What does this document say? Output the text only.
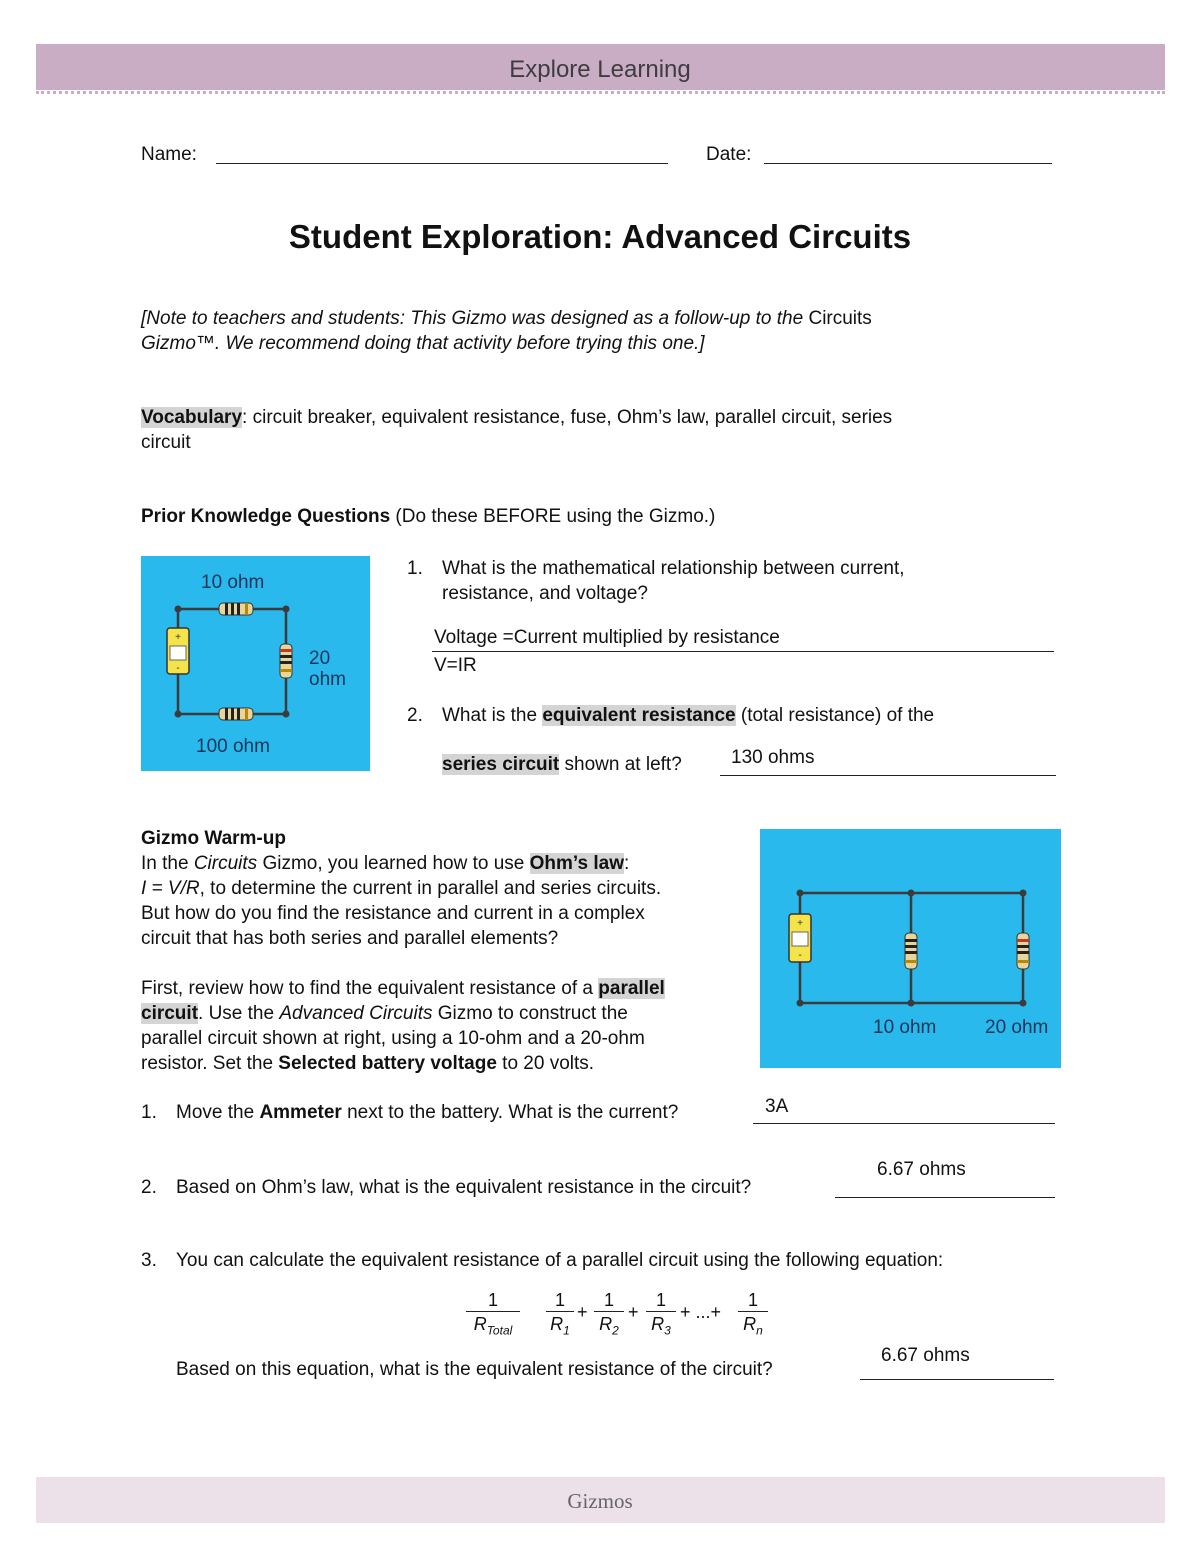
Explore Learning
Name:	Date:
Student Exploration: Advanced Circuits
[Note to teachers and students: This Gizmo was designed as a follow-up to the Circuits
Gizmo™. We recommend doing that activity before trying this one.]
Vocabulary: circuit breaker, equivalent resistance, fuse, Ohm’s law, parallel circuit, series
circuit
Prior Knowledge Questions (Do these BEFORE using the Gizmo.)
+
-
10 ohm
20
ohm
100 ohm
1. What is the mathematical relationship between current,
resistance, and voltage?
Voltage =Current multiplied by resistance
V=IR
2. What is the equivalent resistance (total resistance) of the
series circuit shown at left?	130 ohms
Gizmo Warm-up
In the Circuits Gizmo, you learned how to use Ohm’s law:
I = V/R, to determine the current in parallel and series circuits.
But how do you find the resistance and current in a complex
circuit that has both series and parallel elements?
First, review how to find the equivalent resistance of a parallel
circuit. Use the Advanced Circuits Gizmo to construct the
parallel circuit shown at right, using a 10-ohm and a 20-ohm
resistor. Set the Selected battery voltage to 20 volts.
+
-
10 ohm	20 ohm
1. Move the Ammeter next to the battery. What is the current?	3A
2. Based on Ohm’s law, what is the equivalent resistance in the circuit?
6.67 ohms
3. You can calculate the equivalent resistance of a parallel circuit using the following equation:
1
$R_{Total}$
1
$R_1$
+
1
$R_2$
+
1
$R_3$
+ ...+
1
$R_n$
Based on this equation, what is the equivalent resistance of the circuit?
6.67 ohms
Gizmos
